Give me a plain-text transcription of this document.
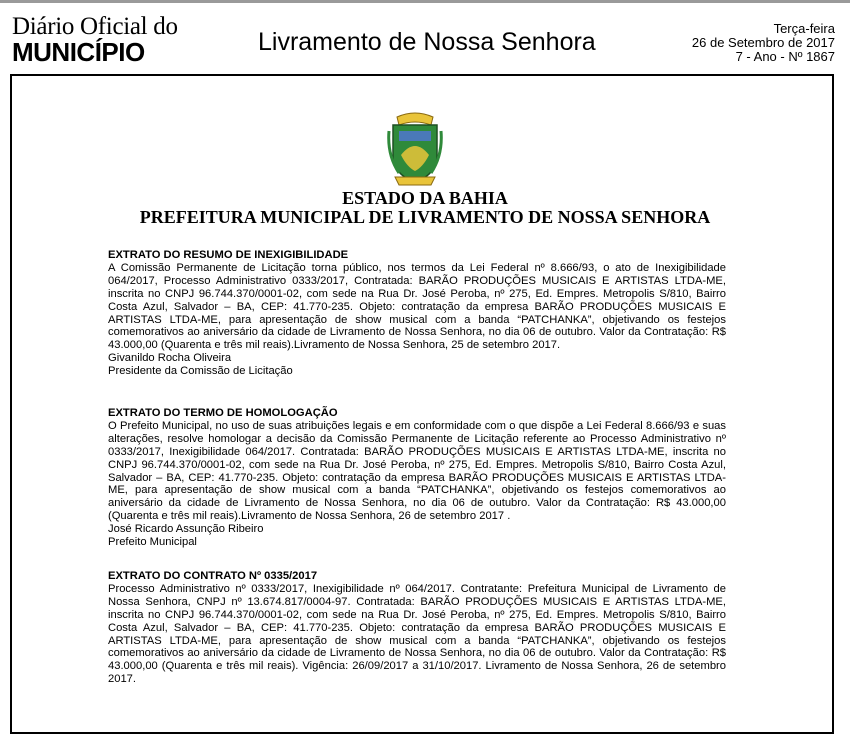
Diário Oficial do
MUNICÍPIO	Livramento de Nossa Senhora	Terça-feira
26 de Setembro de 2017
7 - Ano - Nº 1867
ESTADO DA BAHIA
PREFEITURA MUNICIPAL DE LIVRAMENTO DE NOSSA SENHORA
EXTRATO DO RESUMO DE INEXIGIBILIDADE
A Comissão Permanente de Licitação torna público, nos termos da Lei Federal nº 8.666/93, o ato de Inexigibilidade 064/2017, Processo Administrativo 0333/2017, Contratada: BARÃO PRODUÇÕES MUSICAIS E ARTISTAS LTDA-ME, inscrita no CNPJ 96.744.370/0001-02, com sede na Rua Dr. José Peroba, nº 275, Ed. Empres. Metropolis S/810, Bairro Costa Azul, Salvador – BA, CEP: 41.770-235. Objeto: contratação da empresa BARÃO PRODUÇÕES MUSICAIS E ARTISTAS LTDA-ME, para apresentação de show musical com a banda “PATCHANKA”, objetivando os festejos comemorativos ao aniversário da cidade de Livramento de Nossa Senhora, no dia 06 de outubro. Valor da Contratação: R$ 43.000,00 (Quarenta e três mil reais).Livramento de Nossa Senhora, 25 de setembro 2017.
Givanildo Rocha Oliveira
Presidente da Comissão de Licitação
EXTRATO DO TERMO DE HOMOLOGAÇÃO
O Prefeito Municipal, no uso de suas atribuições legais e em conformidade com o que dispõe a Lei Federal 8.666/93 e suas alterações, resolve homologar a decisão da Comissão Permanente de Licitação referente ao Processo Administrativo nº 0333/2017, Inexigibilidade 064/2017. Contratada: BARÃO PRODUÇÕES MUSICAIS E ARTISTAS LTDA-ME, inscrita no CNPJ 96.744.370/0001-02, com sede na Rua Dr. José Peroba, nº 275, Ed. Empres. Metropolis S/810, Bairro Costa Azul, Salvador – BA, CEP: 41.770-235. Objeto: contratação da empresa BARÃO PRODUÇÕES MUSICAIS E ARTISTAS LTDA-ME, para apresentação de show musical com a banda “PATCHANKA”, objetivando os festejos comemorativos ao aniversário da cidade de Livramento de Nossa Senhora, no dia 06 de outubro. Valor da Contratação: R$ 43.000,00 (Quarenta e três mil reais).Livramento de Nossa Senhora, 26 de setembro 2017 .
José Ricardo Assunção Ribeiro
Prefeito Municipal
EXTRATO DO CONTRATO Nº 0335/2017
Processo Administrativo nº 0333/2017, Inexigibilidade nº 064/2017. Contratante: Prefeitura Municipal de Livramento de Nossa Senhora, CNPJ nº 13.674.817/0004-97. Contratada: BARÃO PRODUÇÕES MUSICAIS E ARTISTAS LTDA-ME, inscrita no CNPJ 96.744.370/0001-02, com sede na Rua Dr. José Peroba, nº 275, Ed. Empres. Metropolis S/810, Bairro Costa Azul, Salvador – BA, CEP: 41.770-235. Objeto: contratação da empresa BARÃO PRODUÇÕES MUSICAIS E ARTISTAS LTDA-ME, para apresentação de show musical com a banda “PATCHANKA”, objetivando os festejos comemorativos ao aniversário da cidade de Livramento de Nossa Senhora, no dia 06 de outubro. Valor da Contratação: R$ 43.000,00 (Quarenta e três mil reais). Vigência: 26/09/2017 a 31/10/2017. Livramento de Nossa Senhora, 26 de setembro 2017.
